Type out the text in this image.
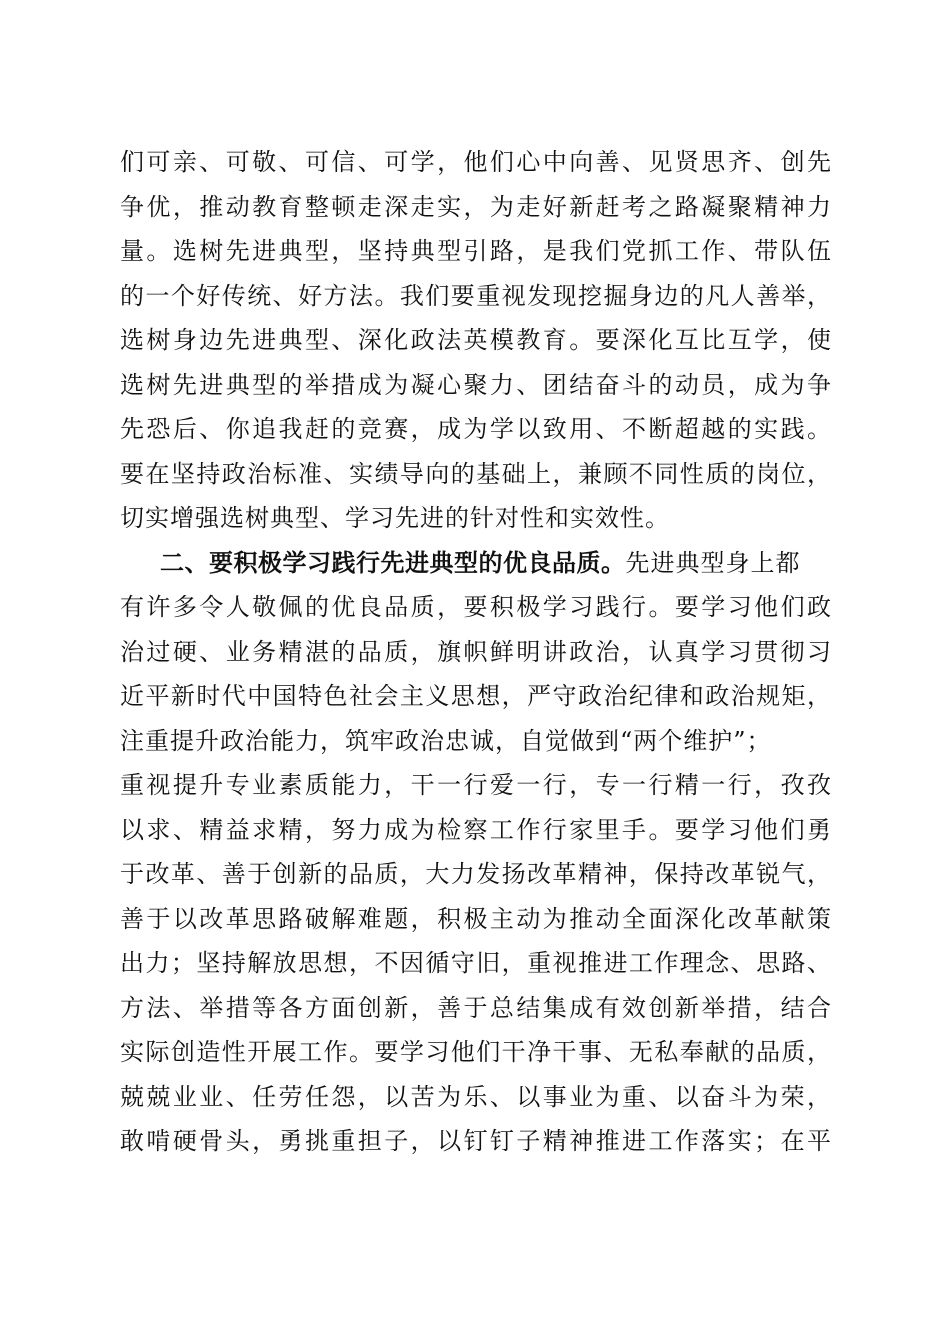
们可亲、可敬、可信、可学，他们心中向善、见贤思齐、创先
争优，推动教育整顿走深走实，为走好新赶考之路凝聚精神力
量。选树先进典型，坚持典型引路，是我们党抓工作、带队伍
的一个好传统、好方法。我们要重视发现挖掘身边的凡人善举，
选树身边先进典型、深化政法英模教育。要深化互比互学，使
选树先进典型的举措成为凝心聚力、团结奋斗的动员，成为争
先恐后、你追我赶的竞赛，成为学以致用、不断超越的实践。
要在坚持政治标准、实绩导向的基础上，兼顾不同性质的岗位，
切实增强选树典型、学习先进的针对性和实效性。
二、要积极学习践行先进典型的优良品质。先进典型身上都
有许多令人敬佩的优良品质，要积极学习践行。要学习他们政
治过硬、业务精湛的品质，旗帜鲜明讲政治，认真学习贯彻习
近平新时代中国特色社会主义思想，严守政治纪律和政治规矩，
注重提升政治能力，筑牢政治忠诚，自觉做到“两个维护”；
重视提升专业素质能力，干一行爱一行，专一行精一行，孜孜
以求、精益求精，努力成为检察工作行家里手。要学习他们勇
于改革、善于创新的品质，大力发扬改革精神，保持改革锐气，
善于以改革思路破解难题，积极主动为推动全面深化改革献策
出力；坚持解放思想，不因循守旧，重视推进工作理念、思路、
方法、举措等各方面创新，善于总结集成有效创新举措，结合
实际创造性开展工作。要学习他们干净干事、无私奉献的品质，
兢兢业业、任劳任怨，以苦为乐、以事业为重、以奋斗为荣，
敢啃硬骨头，勇挑重担子，以钉钉子精神推进工作落实；在平
